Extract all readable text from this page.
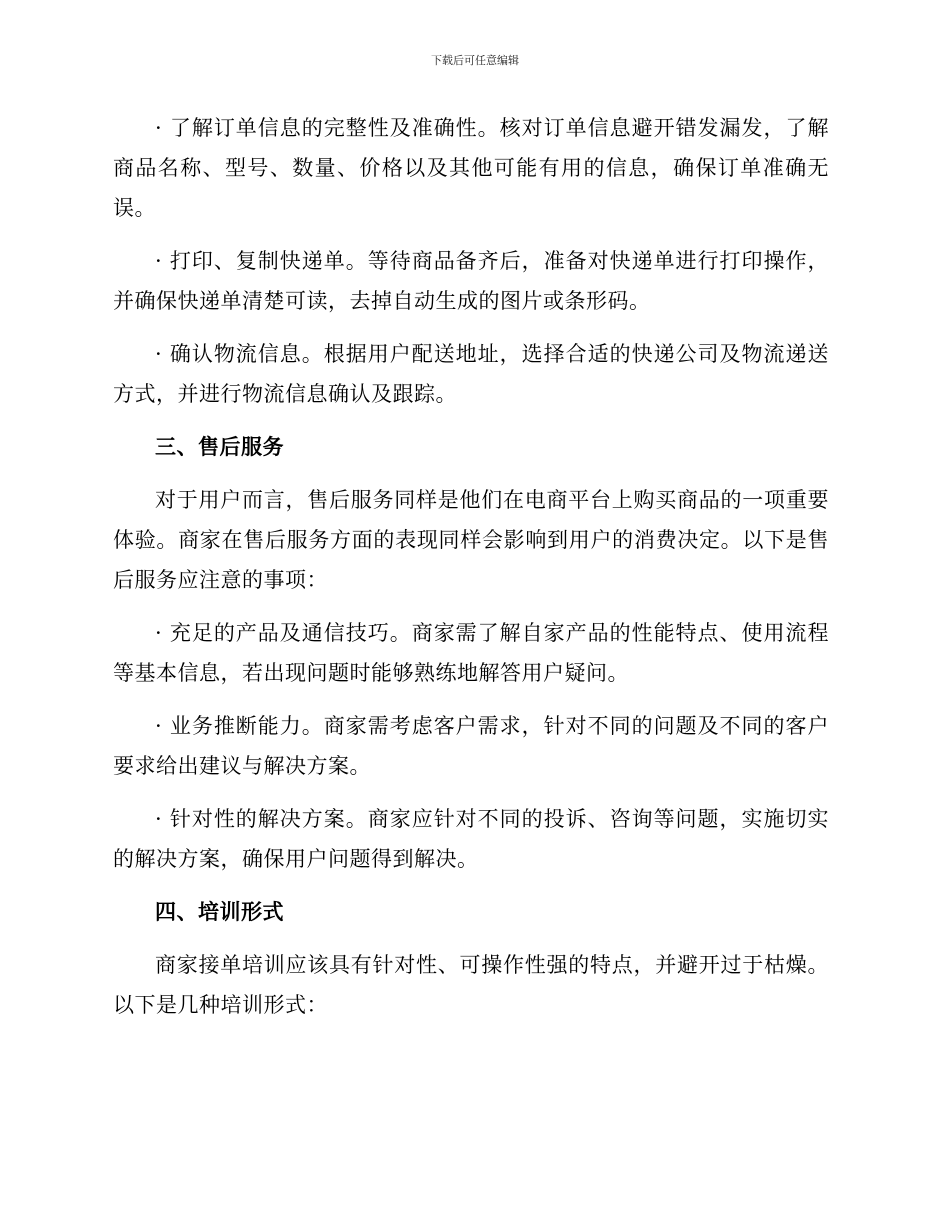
下载后可任意编辑

· 了解订单信息的完整性及准确性。核对订单信息避开错发漏发，了解商品名称、型号、数量、价格以及其他可能有用的信息，确保订单准确无误。

· 打印、复制快递单。等待商品备齐后，准备对快递单进行打印操作，并确保快递单清楚可读，去掉自动生成的图片或条形码。

· 确认物流信息。根据用户配送地址，选择合适的快递公司及物流递送方式，并进行物流信息确认及跟踪。

三、售后服务

对于用户而言，售后服务同样是他们在电商平台上购买商品的一项重要体验。商家在售后服务方面的表现同样会影响到用户的消费决定。以下是售后服务应注意的事项：

· 充足的产品及通信技巧。商家需了解自家产品的性能特点、使用流程等基本信息，若出现问题时能够熟练地解答用户疑问。

· 业务推断能力。商家需考虑客户需求，针对不同的问题及不同的客户要求给出建议与解决方案。

· 针对性的解决方案。商家应针对不同的投诉、咨询等问题，实施切实的解决方案，确保用户问题得到解决。

四、培训形式

商家接单培训应该具有针对性、可操作性强的特点，并避开过于枯燥。以下是几种培训形式：
